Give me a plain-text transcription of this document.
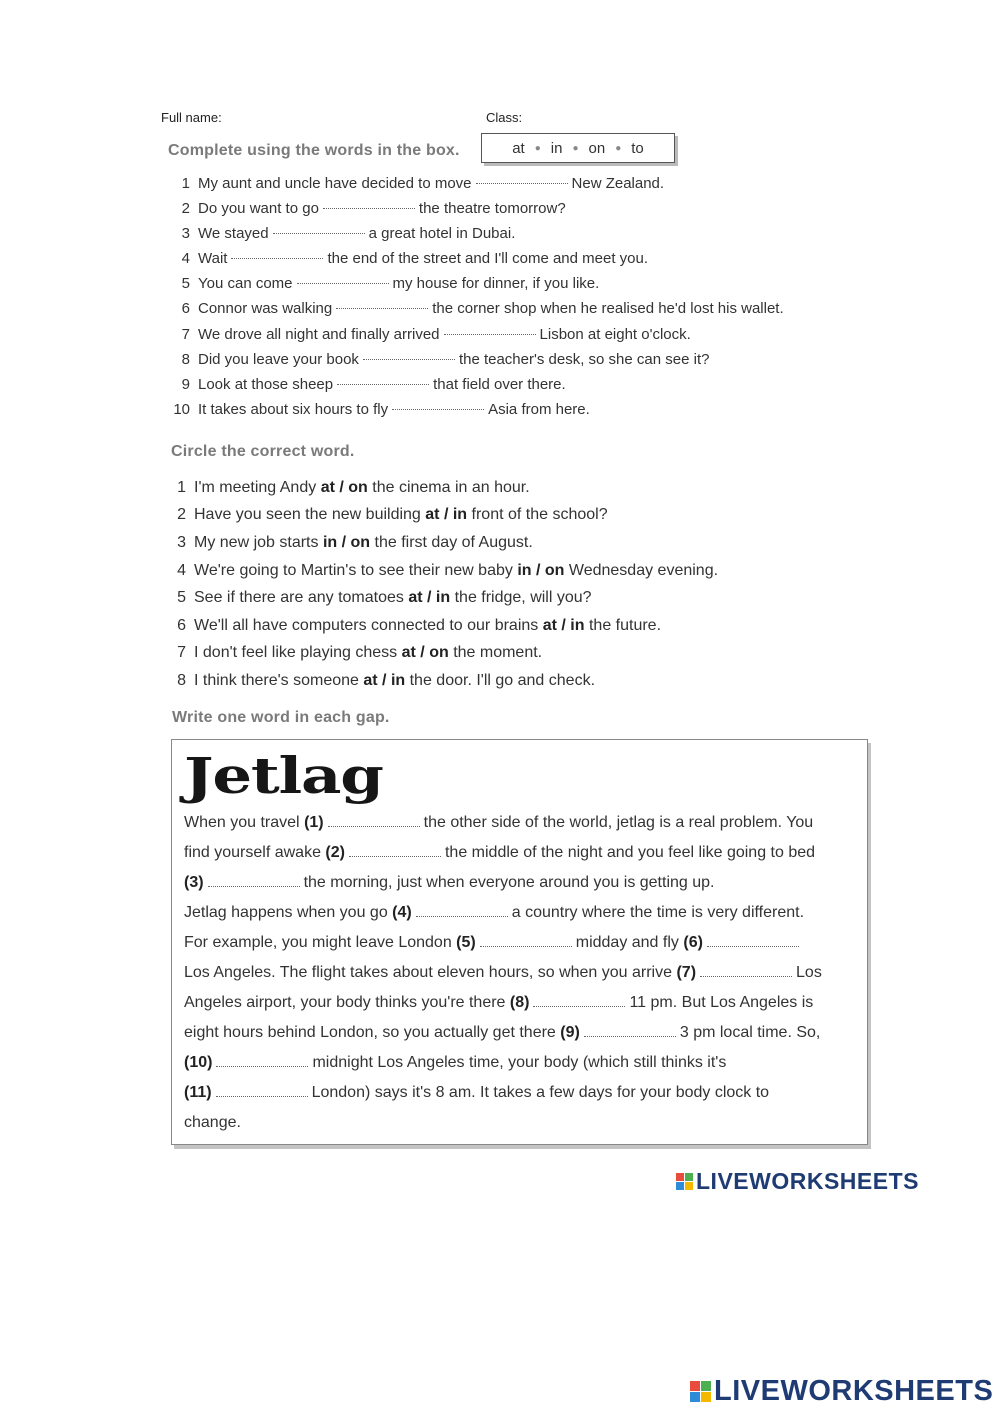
Full name:	Class:
Complete using the words in the box.	at ● in ● on ● to
1 My aunt and uncle have decided to move	New Zealand.
2 Do you want to go	the theatre tomorrow?
3 We stayed	a great hotel in Dubai.
4 Wait	the end of the street and I'll come and meet you.
5 You can come	my house for dinner, if you like.
6 Connor was walking	the corner shop when he realised he'd lost his wallet.
7 We drove all night and finally arrived	Lisbon at eight o'clock.
8 Did you leave your book	the teacher's desk, so she can see it?
9 Look at those sheep	that field over there.
10 It takes about six hours to fly	Asia from here.
Circle the correct word.
1 I'm meeting Andy
at / on
the cinema in an hour.
2 Have you seen the new building
at / in
front of the school?
3 My new job starts
in / on
the first day of August.
4 We're going to Martin's to see their new baby
in / on
Wednesday evening.
5 See if there are any tomatoes
at / in
the fridge, will you?
6 We'll all have computers connected to our brains
at / in
the future.
7 I don't feel like playing chess
at / on
the moment.
8 I think there's someone
at / in
the door. I'll go and check.
Write one word in each gap.
Jetlag
When you travel (1)	the other side of the world, jetlag is a real problem. You
find yourself awake (2)	the middle of the night and you feel like going to bed
(3)	the morning, just when everyone around you is getting up.
Jetlag happens when you go (4)	a country where the time is very different.
For example, you might leave London (5)	midday and fly (6)
Los Angeles. The flight takes about eleven hours, so when you arrive (7)	Los
Angeles airport, your body thinks you're there (8)	11 pm. But Los Angeles is
eight hours behind London, so you actually get there (9)	3 pm local time. So,
(10)	midnight Los Angeles time, your body (which still thinks it's
(11)	London) says it's 8 am. It takes a few days for your body clock to
change.
LIVEWORKSHEETS
LIVEWORKSHEETS
